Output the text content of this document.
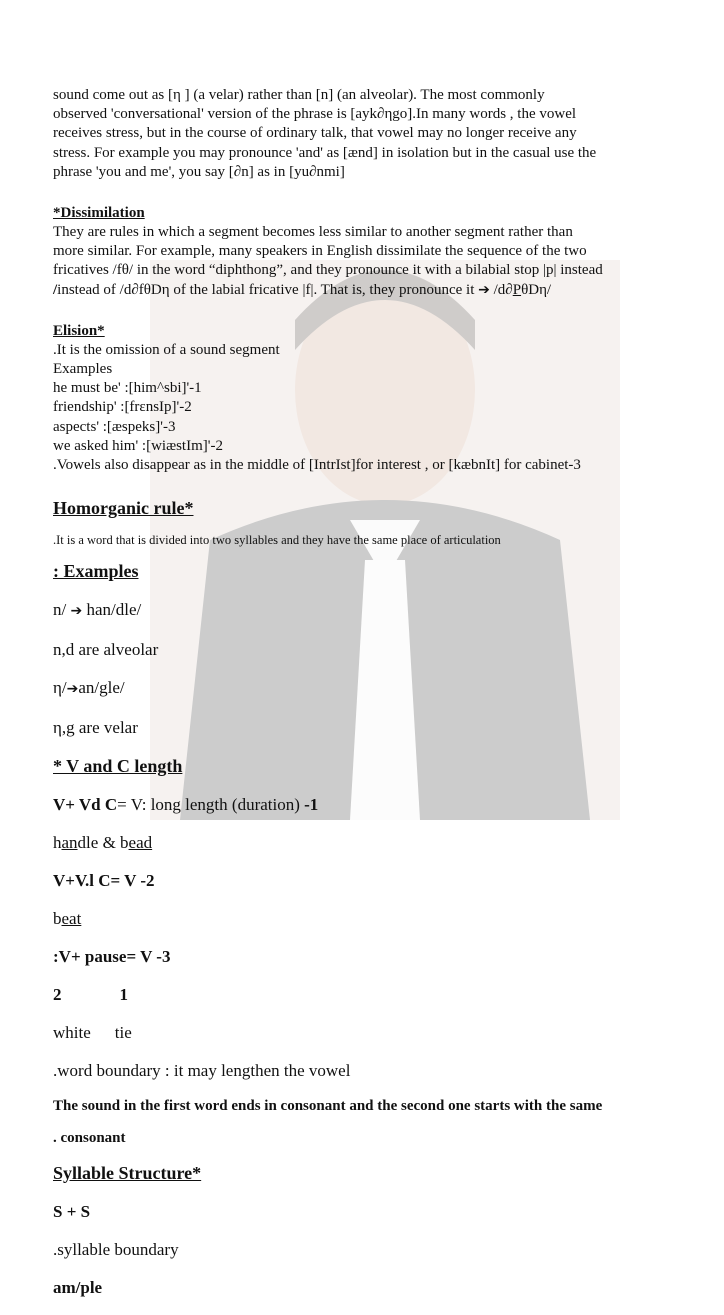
sound come out as [η ] (a velar) rather than [n] (an alveolar). The most commonly

observed 'conversational' version of the phrase is [ayk∂ηgo].In many words , the vowel

receives stress, but in the course of ordinary talk, that vowel may no longer receive any

stress. For example you may pronounce 'and' as [ænd] in isolation but in the casual use the

phrase 'you and me', you say [∂n] as in [yu∂nmi]

*Dissimilation

They are rules in which a segment becomes less similar to another segment rather than

more similar. For example, many speakers in English dissimilate the sequence of the two

fricatives /fθ/ in the word “diphthong”, and they pronounce it with a bilabial stop |p| instead

/instead of /d∂fθDη of the labial fricative |f|. That is, they pronounce it ➔ /d∂PθDη/

Elision*

.It is the omission of a sound segment

Examples

he must be' :[him^sbi]'-1

friendship' :[frεnsIp]'-2

aspects' :[æspeks]'-3

we asked him' :[wiæstIm]'-2

.Vowels also disappear as in the middle of [IntrIst]for interest , or [kæbnIt] for cabinet-3

Homorganic rule*

.It is a word that is divided into two syllables and they have the same place of articulation

: Examples

n/ ➔ han/dle/

n,d are alveolar

η/➔an/gle/

η,g are velar

* V and C length

V+ Vd C= V: long length (duration) -1

handle & bead

V+V.l C= V -2

beat

:V+ pause= V -3

2	1

white tie

.word boundary : it may lengthen the vowel

The sound in the first word ends in consonant and the second one starts with the same

. consonant

Syllable Structure*

S + S

.syllable boundary

am/ple
